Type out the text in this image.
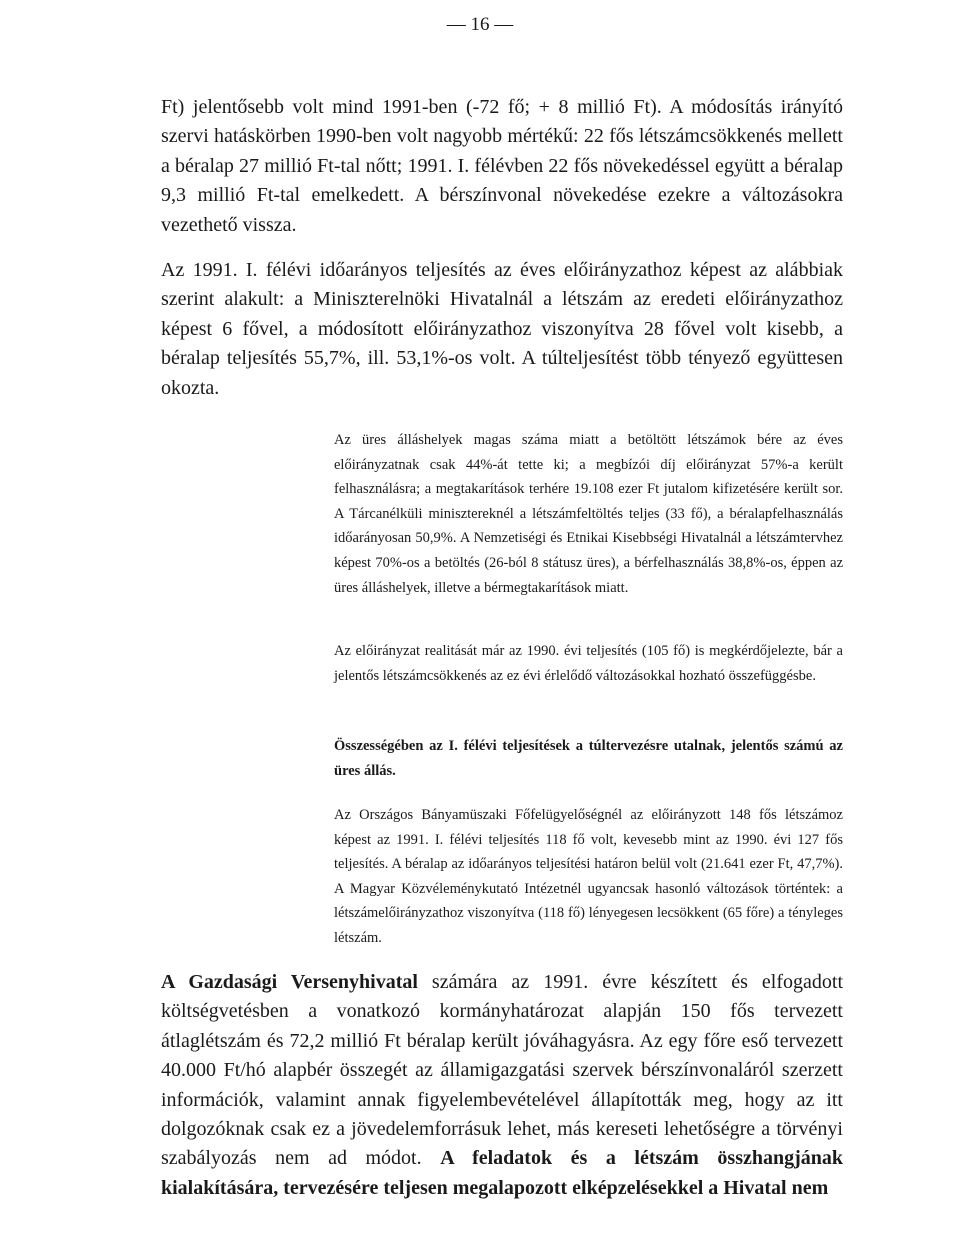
— 16 —

Ft) jelentősebb volt mind 1991-ben (-72 fő; + 8 millió Ft). A módosítás irányító szervi hatáskörben 1990-ben volt nagyobb mértékű: 22 fős létszámcsökkenés mellett a béralap 27 millió Ft-tal nőtt; 1991. I. félévben 22 fős növekedéssel együtt a béralap 9,3 millió Ft-tal emelkedett. A bérszínvonal növekedése ezekre a változásokra vezethető vissza.

Az 1991. I. félévi időarányos teljesítés az éves előirányzathoz képest az alábbiak szerint alakult: a Miniszterelnöki Hivatalnál a létszám az eredeti előirányzathoz képest 6 fővel, a módosított előirányzathoz viszonyítva 28 fővel volt kisebb, a béralap teljesítés 55,7%, ill. 53,1%-os volt. A túlteljesítést több tényező együttesen okozta.

Az üres álláshelyek magas száma miatt a betöltött létszámok bére az éves előirányzatnak csak 44%-át tette ki; a megbízói díj előirányzat 57%-a került felhasználásra; a megtakarítások terhére 19.108 ezer Ft jutalom kifizetésére került sor. A Tárcanélküli minisztereknél a létszámfeltöltés teljes (33 fő), a béralapfelhasználás időarányosan 50,9%. A Nemzetiségi és Etnikai Kisebbségi Hivatalnál a létszámtervhez képest 70%-os a betöltés (26-ból 8 státusz üres), a bérfelhasználás 38,8%-os, éppen az üres álláshelyek, illetve a bérmegtakarítások miatt.

Az előirányzat realitását már az 1990. évi teljesítés (105 fő) is megkérdőjelezte, bár a jelentős létszámcsökkenés az ez évi érlelődő változásokkal hozható összefüggésbe.

Összességében az I. félévi teljesítések a túltervezésre utalnak, jelentős számú az üres állás.

Az Országos Bányamüszaki Főfelügyelőségnél az előirányzott 148 fős létszámoz képest az 1991. I. félévi teljesítés 118 fő volt, kevesebb mint az 1990. évi 127 fős teljesítés. A béralap az időarányos teljesítési határon belül volt (21.641 ezer Ft, 47,7%). A Magyar Közvéleménykutató Intézetnél ugyancsak hasonló változások történtek: a létszámelőirányzathoz viszonyítva (118 fő) lényegesen lecsökkent (65 főre) a tényleges létszám.

A Gazdasági Versenyhivatal számára az 1991. évre készített és elfogadott költségvetésben a vonatkozó kormányhatározat alapján 150 fős tervezett átlaglétszám és 72,2 millió Ft béralap került jóváhagyásra. Az egy főre eső tervezett 40.000 Ft/hó alapbér összegét az államigazgatási szervek bérszínvonaláról szerzett információk, valamint annak figyelembevételével állapították meg, hogy az itt dolgozóknak csak ez a jövedelemforrásuk lehet, más kereseti lehetőségre a törvényi szabályozás nem ad módot. A feladatok és a létszám összhangjának kialakítására, tervezésére teljesen megalapozott elképzelésekkel a Hivatal nem
